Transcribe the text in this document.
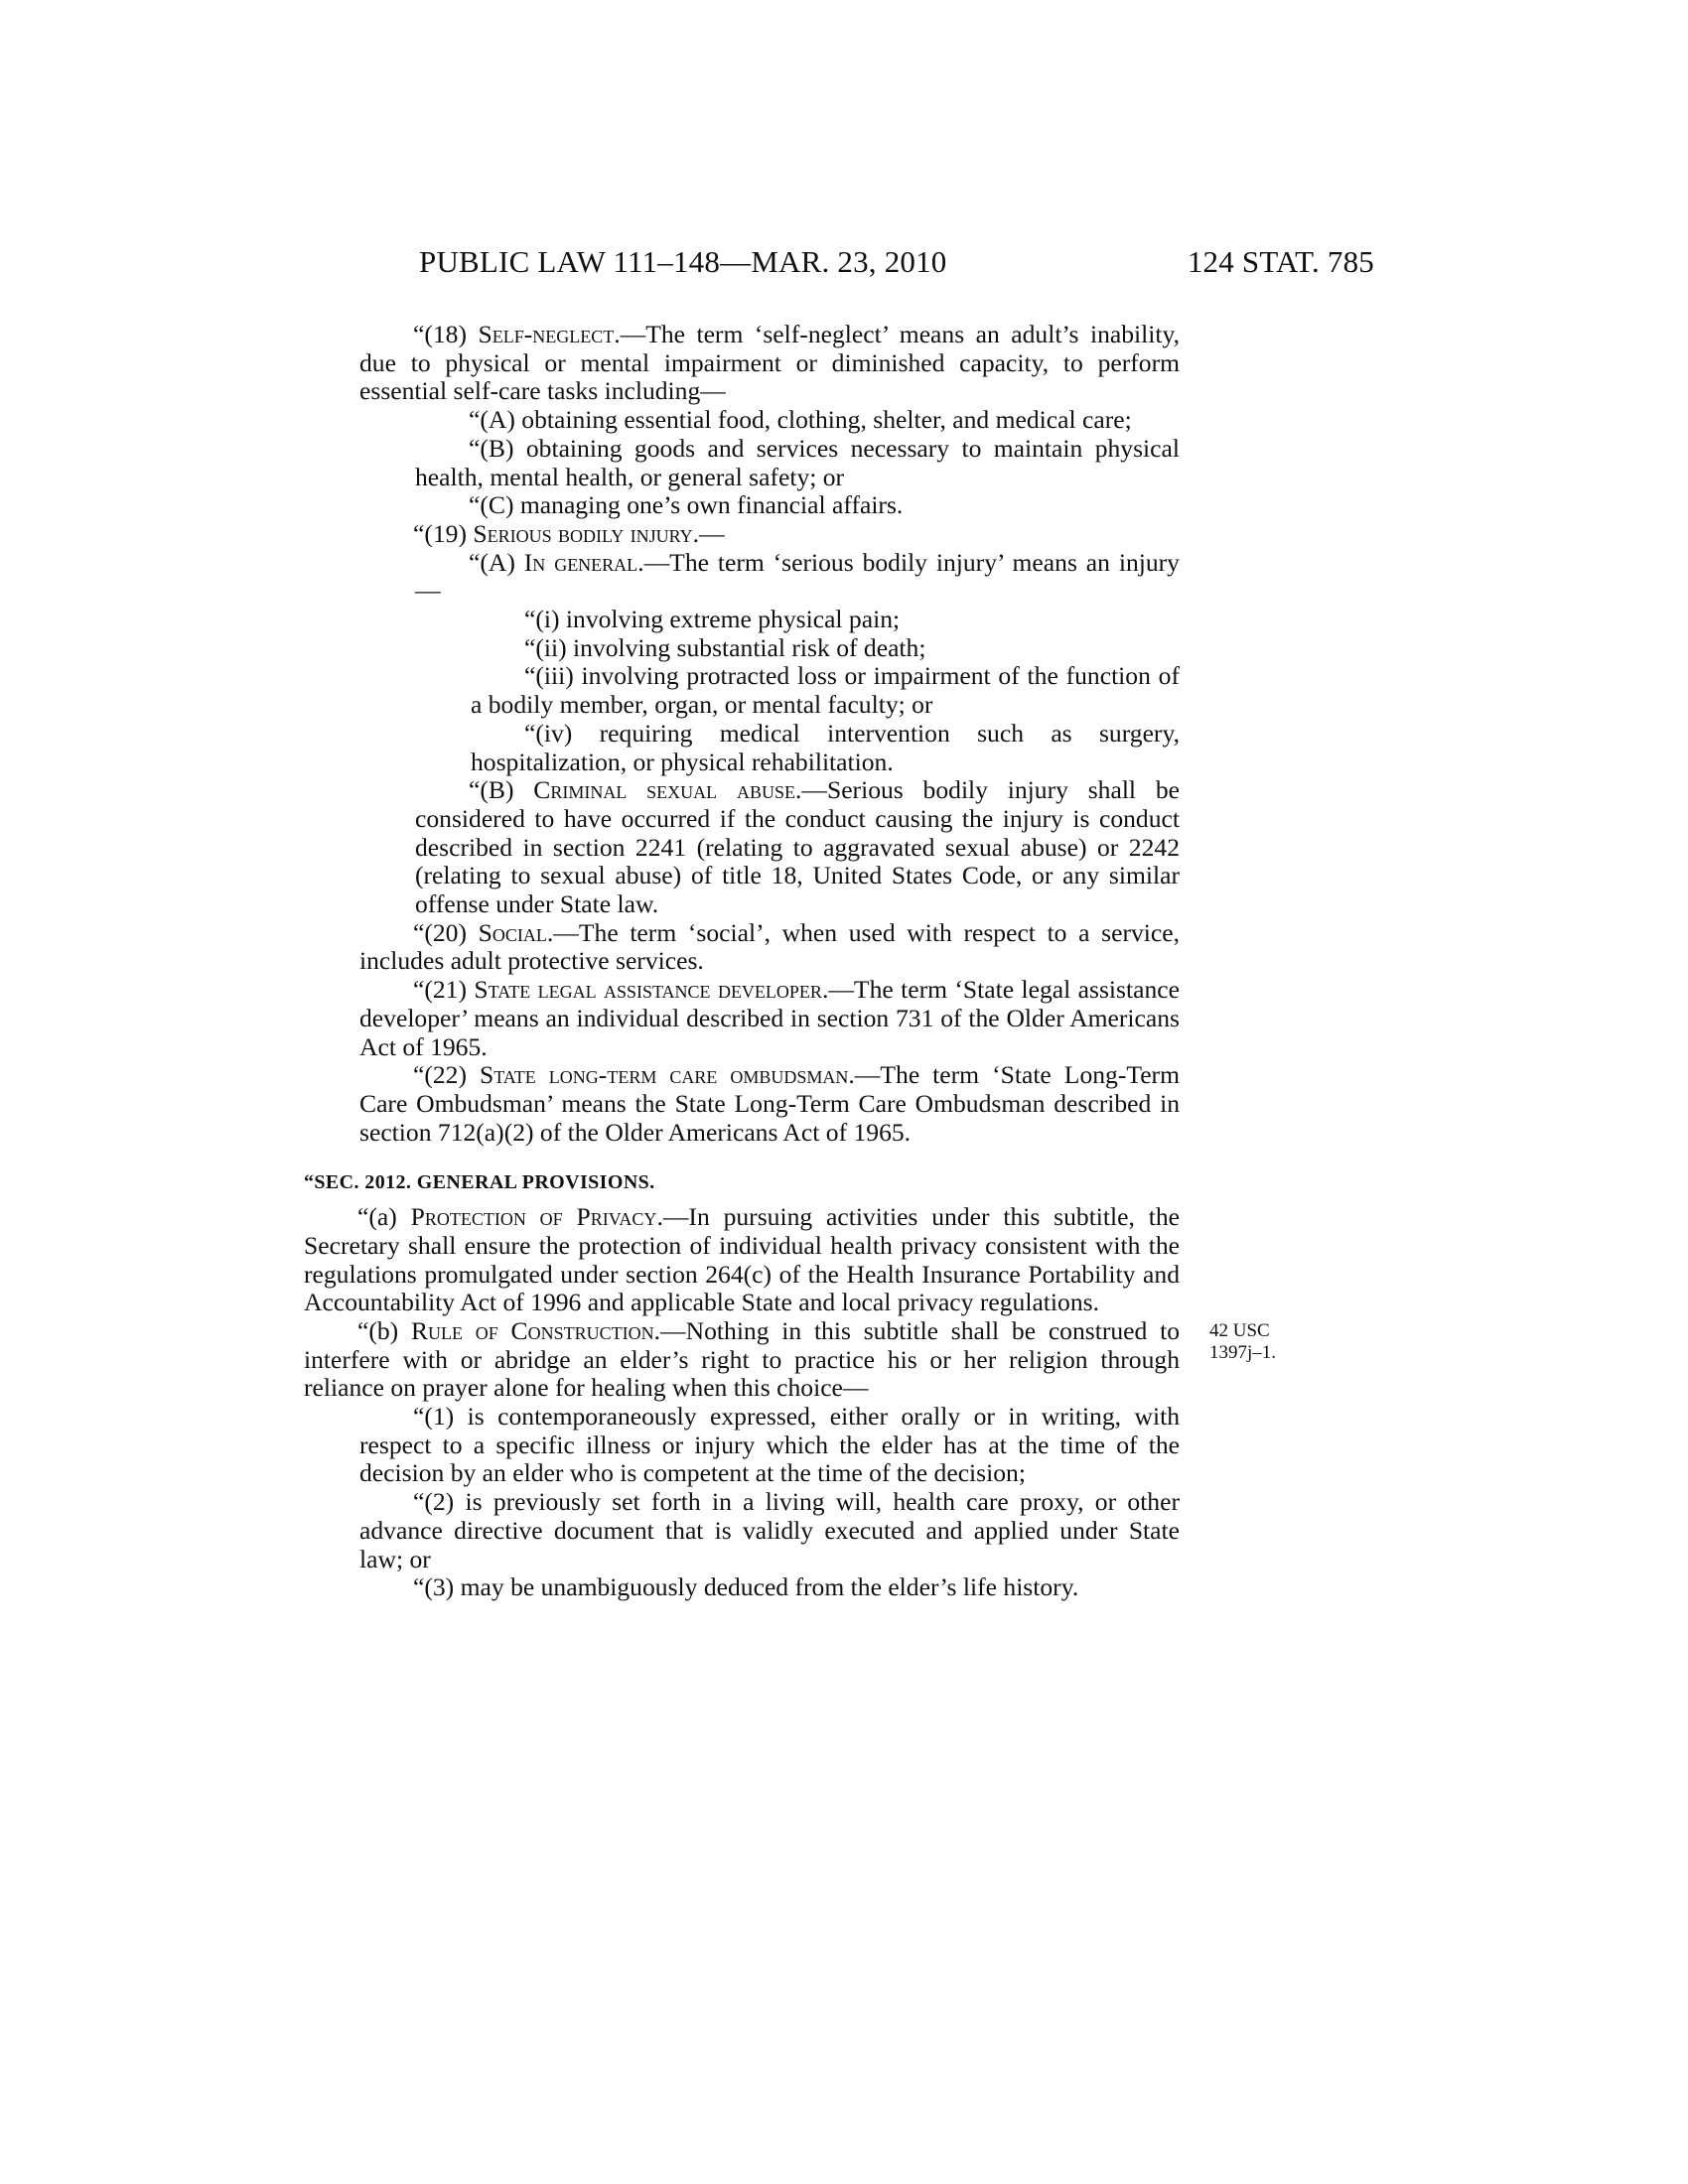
PUBLIC LAW 111–148—MAR. 23, 2010	124 STAT. 785
42 USC
1397j–1.

“(18) Self-neglect.—The term ‘self-neglect’ means an adult’s inability, due to physical or mental impairment or diminished capacity, to perform essential self-care tasks including—

“(A) obtaining essential food, clothing, shelter, and medical care;

“(B) obtaining goods and services necessary to maintain physical health, mental health, or general safety; or

“(C) managing one’s own financial affairs.

“(19) Serious bodily injury.—

“(A) In general.—The term ‘serious bodily injury’ means an injury—

“(i) involving extreme physical pain;

“(ii) involving substantial risk of death;

“(iii) involving protracted loss or impairment of the function of a bodily member, organ, or mental faculty; or

“(iv) requiring medical intervention such as surgery, hospitalization, or physical rehabilitation.

“(B) Criminal sexual abuse.—Serious bodily injury shall be considered to have occurred if the conduct causing the injury is conduct described in section 2241 (relating to aggravated sexual abuse) or 2242 (relating to sexual abuse) of title 18, United States Code, or any similar offense under State law.

“(20) Social.—The term ‘social’, when used with respect to a service, includes adult protective services.

“(21) State legal assistance developer.—The term ‘State legal assistance developer’ means an individual described in section 731 of the Older Americans Act of 1965.

“(22) State long-term care ombudsman.—The term ‘State Long-Term Care Ombudsman’ means the State Long-Term Care Ombudsman described in section 712(a)(2) of the Older Americans Act of 1965.

“SEC. 2012. GENERAL PROVISIONS.

“(a) Protection of Privacy.—In pursuing activities under this subtitle, the Secretary shall ensure the protection of individual health privacy consistent with the regulations promulgated under section 264(c) of the Health Insurance Portability and Accountability Act of 1996 and applicable State and local privacy regulations.

“(b) Rule of Construction.—Nothing in this subtitle shall be construed to interfere with or abridge an elder’s right to practice his or her religion through reliance on prayer alone for healing when this choice—

“(1) is contemporaneously expressed, either orally or in writing, with respect to a specific illness or injury which the elder has at the time of the decision by an elder who is competent at the time of the decision;

“(2) is previously set forth in a living will, health care proxy, or other advance directive document that is validly executed and applied under State law; or

“(3) may be unambiguously deduced from the elder’s life history.
